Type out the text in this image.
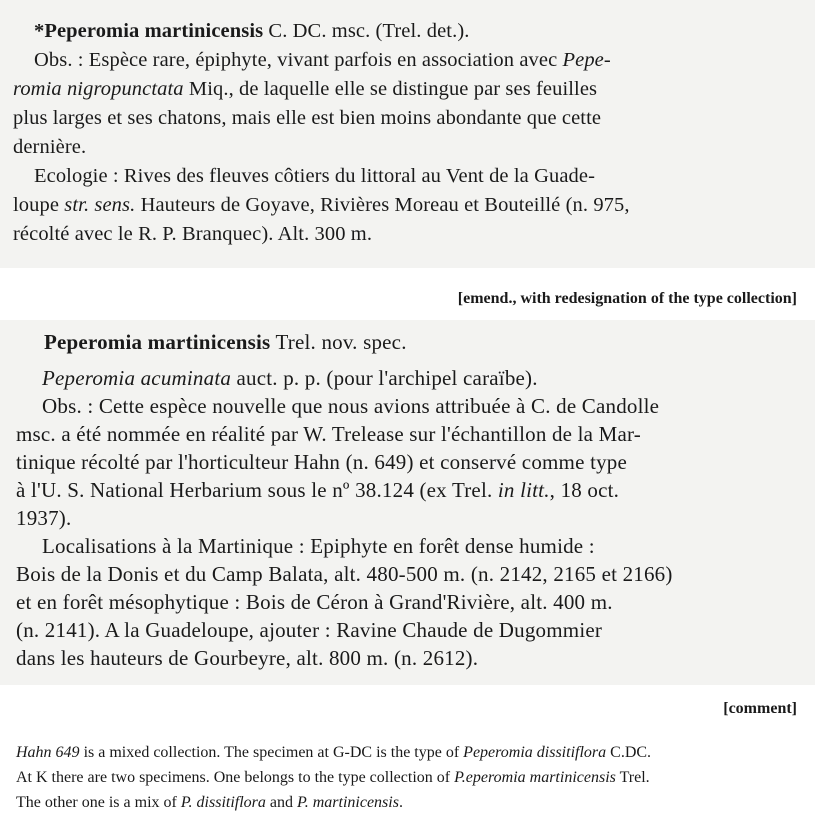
*Peperomia martinicensis C. DC. msc. (Trel. det.).

Obs. : Espèce rare, épiphyte, vivant parfois en association avec Pepe-

romia nigropunctata Miq., de laquelle elle se distingue par ses feuilles

plus larges et ses chatons, mais elle est bien moins abondante que cette

dernière.

Ecologie : Rives des fleuves côtiers du littoral au Vent de la Guade-

loupe str. sens. Hauteurs de Goyave, Rivières Moreau et Bouteillé (n. 975,

récolté avec le R. P. Branquec). Alt. 300 m.

[emend., with redesignation of the type collection]

Peperomia martinicensis Trel. nov. spec.

Peperomia acuminata auct. p. p. (pour l'archipel caraïbe).

Obs. : Cette espèce nouvelle que nous avions attribuée à C. de Candolle

msc. a été nommée en réalité par W. Trelease sur l'échantillon de la Mar-

tinique récolté par l'horticulteur Hahn (n. 649) et conservé comme type

à l'U. S. National Herbarium sous le nº 38.124 (ex Trel. in litt., 18 oct.

1937).

Localisations à la Martinique : Epiphyte en forêt dense humide :

Bois de la Donis et du Camp Balata, alt. 480-500 m. (n. 2142, 2165 et 2166)

et en forêt mésophytique : Bois de Céron à Grand'Rivière, alt. 400 m.

(n. 2141). A la Guadeloupe, ajouter : Ravine Chaude de Dugommier

dans les hauteurs de Gourbeyre, alt. 800 m. (n. 2612).

[comment]

Hahn 649 is a mixed collection. The specimen at G-DC is the type of Peperomia dissitiflora C.DC.

At K there are two specimens. One belongs to the type collection of P.eperomia martinicensis Trel.

The other one is a mix of P. dissitiflora and P. martinicensis.
